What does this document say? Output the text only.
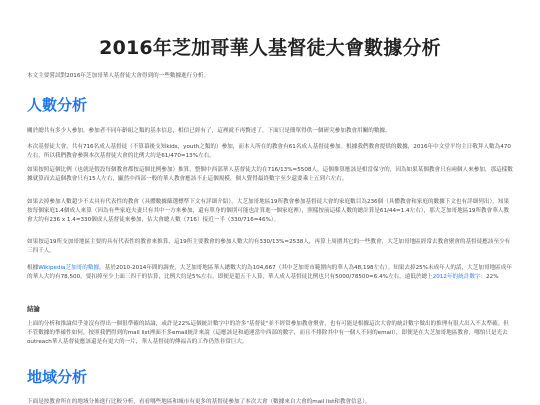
2016年芝加哥華人基督徒大會數據分析
本文主要嘗試對2016年芝加哥華人基督徒大會得到的一些數據進行分析。
人數分析

關於總共有多少人參加，參加者不同年齡組之類的基本信息，相信已經有了，這裡就不再贅述了，下面只是簡單得供一個研究參加教會用關的數據。

本次基督徒大會，共有716名成人基督徒（不算幕後支知kids，youth之類的）參加，而本人所在的教會有61名成人基督徒參加。根據我們教會提供的數據，2016年中文堂平均主日敬拜人數為470左右，所以我們教會參與本次基督徒大會的比例大約是61/470=13%左右。

如果按照這個比例（也就是假設每個教會都按這個比例參加）推算，整個中西部華人基督徒大約在716/13%=5508人。這個推算應該是相當保守的，因為如果某個教會只有兩個人來參加，那這樣數據就算而去這個教會只有15人左右，顯然中西部一般的華人教會應該不止這個規模，個人覺得最終數字至少還要乘上五到六左右。

如果去掉參加人數超少不太具有代表性的教會（具體數據篩選標準下文有詳細介紹），大芝加哥地區19所教會參加基督徒大會的家庭數目為236個（具體教會和家庭的數據下文也有詳細列出），知果按每個家庭1.4個成人來算（因為有些家庭夫妻只有其中一方來參加，還有單身的個別可能也計算進一個家庭裡），照樣按前這樣人數的總計算是61/44=1.4左右），那大芝加哥地區19所教會華人教會大約有236 x 1.4=330個成人基督徒來參加，佔大會總人數（716）接近一半（330/716=46%）。

如果按這19所支加哥地區主要的具有代表性的教會來推算，這19所主要教會的參加人數大約有330/13%=2538人，再算上周圍其它的一些教會，大芝加哥地區經常去教會聚會的基督徒應該至少有三四千人。

根據Wikipedia芝加哥的數據，基於2010-2014年間的調查，大芝加哥地區華人總數大約為104,667（其中芝加哥市範圍內的華人為48,198左右）。知果去掉25%未成年人的話，大芝加哥地區成年的華人大約有78,500，要扣掉至少上面三四千的估算，比例大約是5%左右。即便是超五千人算，華人成人基督徒比例也只有5000/78500=6.4%左右，遠低於總上2012年的統計數字：22%

結論

上面的分析和推論似乎並沒有得出一個很準確的結論，或許是22%這個統計數字中的許多"基督徒"並不經常參加教會聚會，也有可能是根據這次大會的統計數字做出的推理有很大出入不太準確。但不管數據的準確性如何，按照我們得到的mail list裡面不多email統計來說（這應該是和通運當中西部的數字，而且不排除其中有一個人不同的email），即便是在大芝加哥地區教會，哪怕只是光去outreach華人基督徒應該還是有更大的一片，華人基督徒的傳福音的工作仍然非常巨大。

地域分析

下面是按教會所在的地域分佈進行比較分析，看看哪些地區和城市有更多的基督徒參加了本次大會（數據來自大會的mail list和教會信息）。
